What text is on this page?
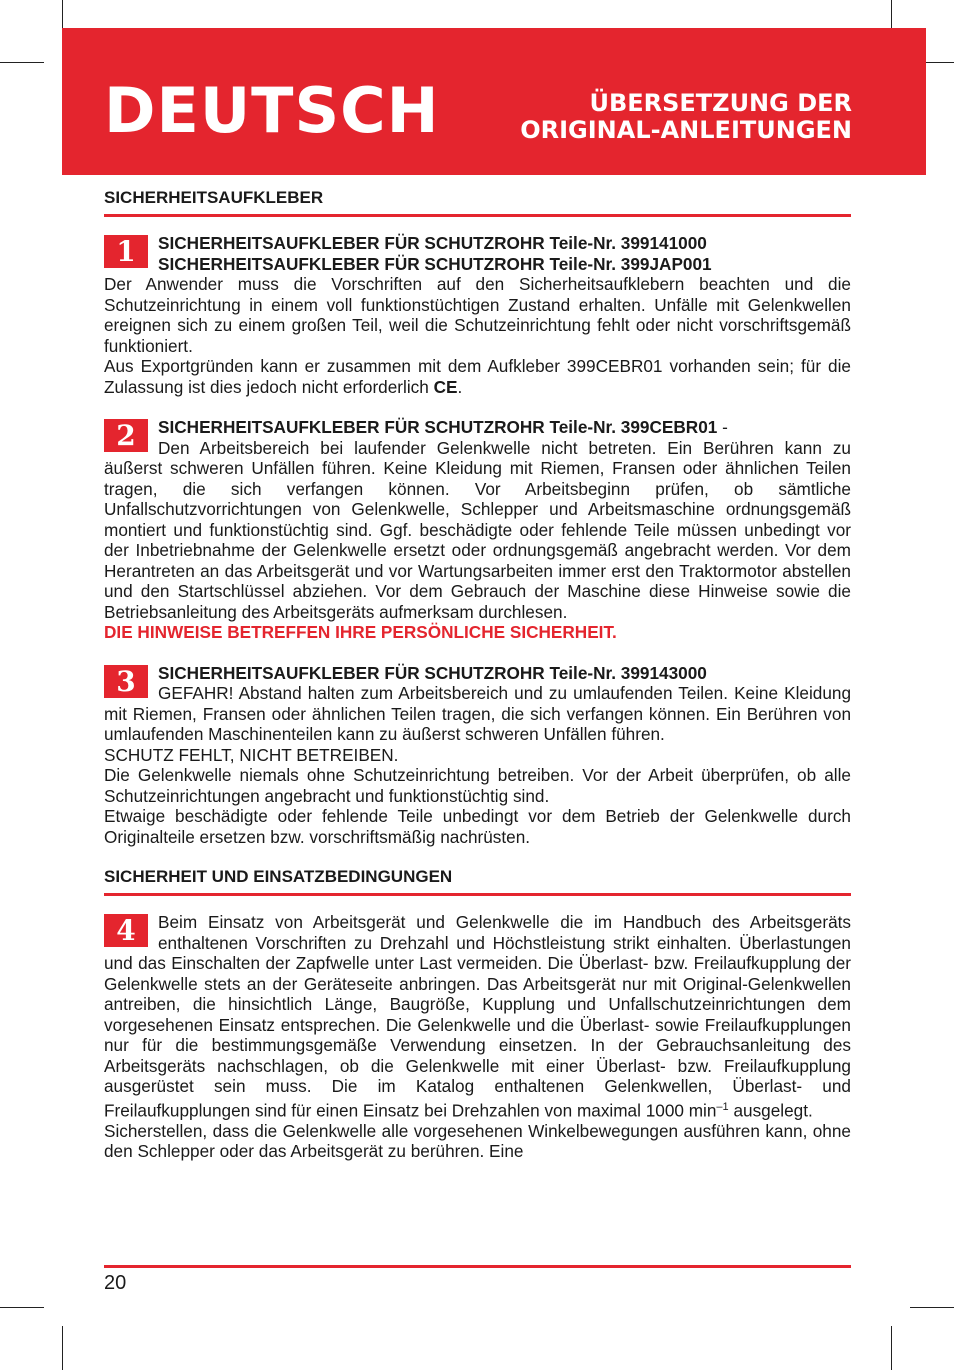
DEUTSCH	ÜBERSETZUNG DER
ORIGINAL-ANLEITUNGEN
SICHERHEITSAUFKLEBER
1	SICHERHEITSAUFKLEBER FÜR SCHUTZROHR Teile-Nr. 399141000

SICHERHEITSAUFKLEBER FÜR SCHUTZROHR Teile-Nr. 399JAP001

Der Anwender muss die Vorschriften auf den Sicherheitsaufklebern beachten und die Schutzeinrichtung in einem voll funktionstüchtigen Zustand erhalten. Unfälle mit Gelenkwellen ereignen sich zu einem großen Teil, weil die Schutzeinrichtung fehlt oder nicht vorschriftsgemäß funktioniert.

Aus Exportgründen kann er zusammen mit dem Aufkleber 399CEBR01 vorhanden sein; für die Zulassung ist dies jedoch nicht erforderlich CE.

2	SICHERHEITSAUFKLEBER FÜR SCHUTZROHR Teile-Nr. 399CEBR01 -

Den Arbeitsbereich bei laufender Gelenkwelle nicht betreten. Ein Berühren kann zu äußerst schweren Unfällen führen. Keine Kleidung mit Riemen, Fransen oder ähnlichen Teilen tragen, die sich verfangen können. Vor Arbeitsbeginn prüfen, ob sämtliche Unfallschutzvorrichtungen von Gelenkwelle, Schlepper und Arbeitsmaschine ordnungsgemäß montiert und funktionstüchtig sind. Ggf. beschädigte oder fehlende Teile müssen unbedingt vor der Inbetriebnahme der Gelenkwelle ersetzt oder ordnungsgemäß angebracht werden. Vor dem Herantreten an das Arbeitsgerät und vor Wartungsarbeiten immer erst den Traktormotor abstellen und den Startschlüssel abziehen. Vor dem Gebrauch der Maschine diese Hinweise sowie die Betriebsanleitung des Arbeitsgeräts aufmerksam durchlesen.

DIE HINWEISE BETREFFEN IHRE PERSÖNLICHE SICHERHEIT.

3	SICHERHEITSAUFKLEBER FÜR SCHUTZROHR Teile-Nr. 399143000

GEFAHR! Abstand halten zum Arbeitsbereich und zu umlaufenden Teilen. Keine Kleidung mit Riemen, Fransen oder ähnlichen Teilen tragen, die sich verfangen können. Ein Berühren von umlaufenden Maschinenteilen kann zu äußerst schweren Unfällen führen.

SCHUTZ FEHLT, NICHT BETREIBEN.

Die Gelenkwelle niemals ohne Schutzeinrichtung betreiben. Vor der Arbeit überprüfen, ob alle Schutzeinrichtungen angebracht und funktionstüchtig sind.

Etwaige beschädigte oder fehlende Teile unbedingt vor dem Betrieb der Gelenkwelle durch Originalteile ersetzen bzw. vorschriftsmäßig nachrüsten.

SICHERHEIT UND EINSATZBEDINGUNGEN
4	Beim Einsatz von Arbeitsgerät und Gelenkwelle die im Handbuch des Arbeitsgeräts enthaltenen Vorschriften zu Drehzahl und Höchstleistung strikt einhalten. Überlastungen und das Einschalten der Zapfwelle unter Last vermeiden. Die Überlast- bzw. Freilaufkupplung der Gelenkwelle stets an der Geräteseite anbringen. Das Arbeitsgerät nur mit Original-Gelenkwellen antreiben, die hinsichtlich Länge, Baugröße, Kupplung und Unfallschutzeinrichtungen dem vorgesehenen Einsatz entsprechen. Die Gelenkwelle und die Überlast- sowie Freilaufkupplungen nur für die bestimmungsgemäße Verwendung einsetzen. In der Gebrauchsanleitung des Arbeitsgeräts nachschlagen, ob die Gelenkwelle mit einer Überlast- bzw. Freilaufkupplung ausgerüstet sein muss. Die im Katalog enthaltenen Gelenkwellen, Überlast- und Freilaufkupplungen sind für einen Einsatz bei Drehzahlen von maximal 1000 $\min^{-1}$ ausgelegt.

Sicherstellen, dass die Gelenkwelle alle vorgesehenen Winkelbewegungen ausführen kann, ohne den Schlepper oder das Arbeitsgerät zu berühren. Eine

20
